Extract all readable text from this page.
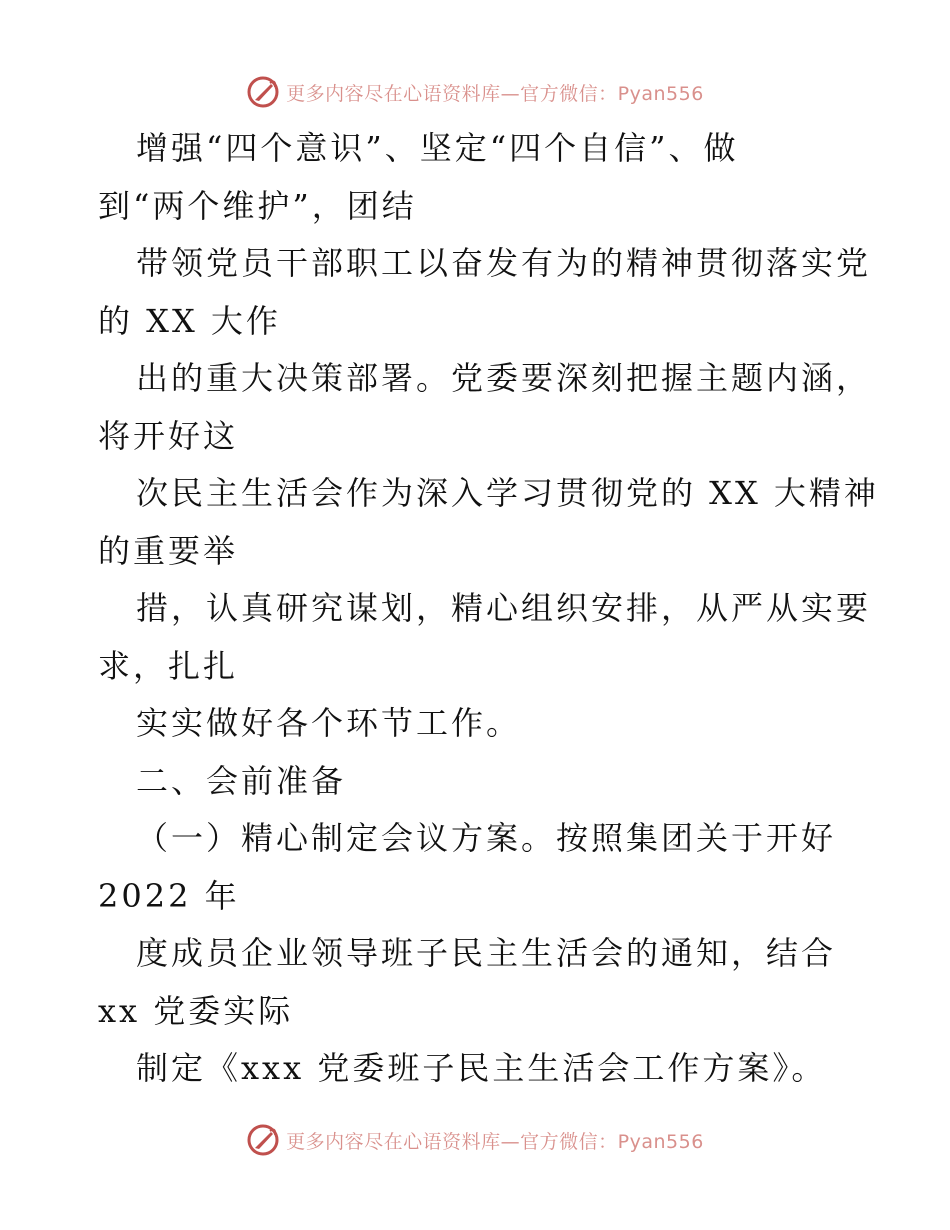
更多内容尽在心语资料库—官方微信：Pyan556
增强“四个意识”、坚定“四个自信”、做
到“两个维护”，团结
带领党员干部职工以奋发有为的精神贯彻落实党
的 XX 大作
出的重大决策部署。党委要深刻把握主题内涵，
将开好这
次民主生活会作为深入学习贯彻党的 XX 大精神
的重要举
措，认真研究谋划，精心组织安排，从严从实要
求，扎扎
实实做好各个环节工作。
二、会前准备
（一）精心制定会议方案。按照集团关于开好
2022 年
度成员企业领导班子民主生活会的通知，结合
xx 党委实际
制定《xxx 党委班子民主生活会工作方案》。
更多内容尽在心语资料库—官方微信：Pyan556
